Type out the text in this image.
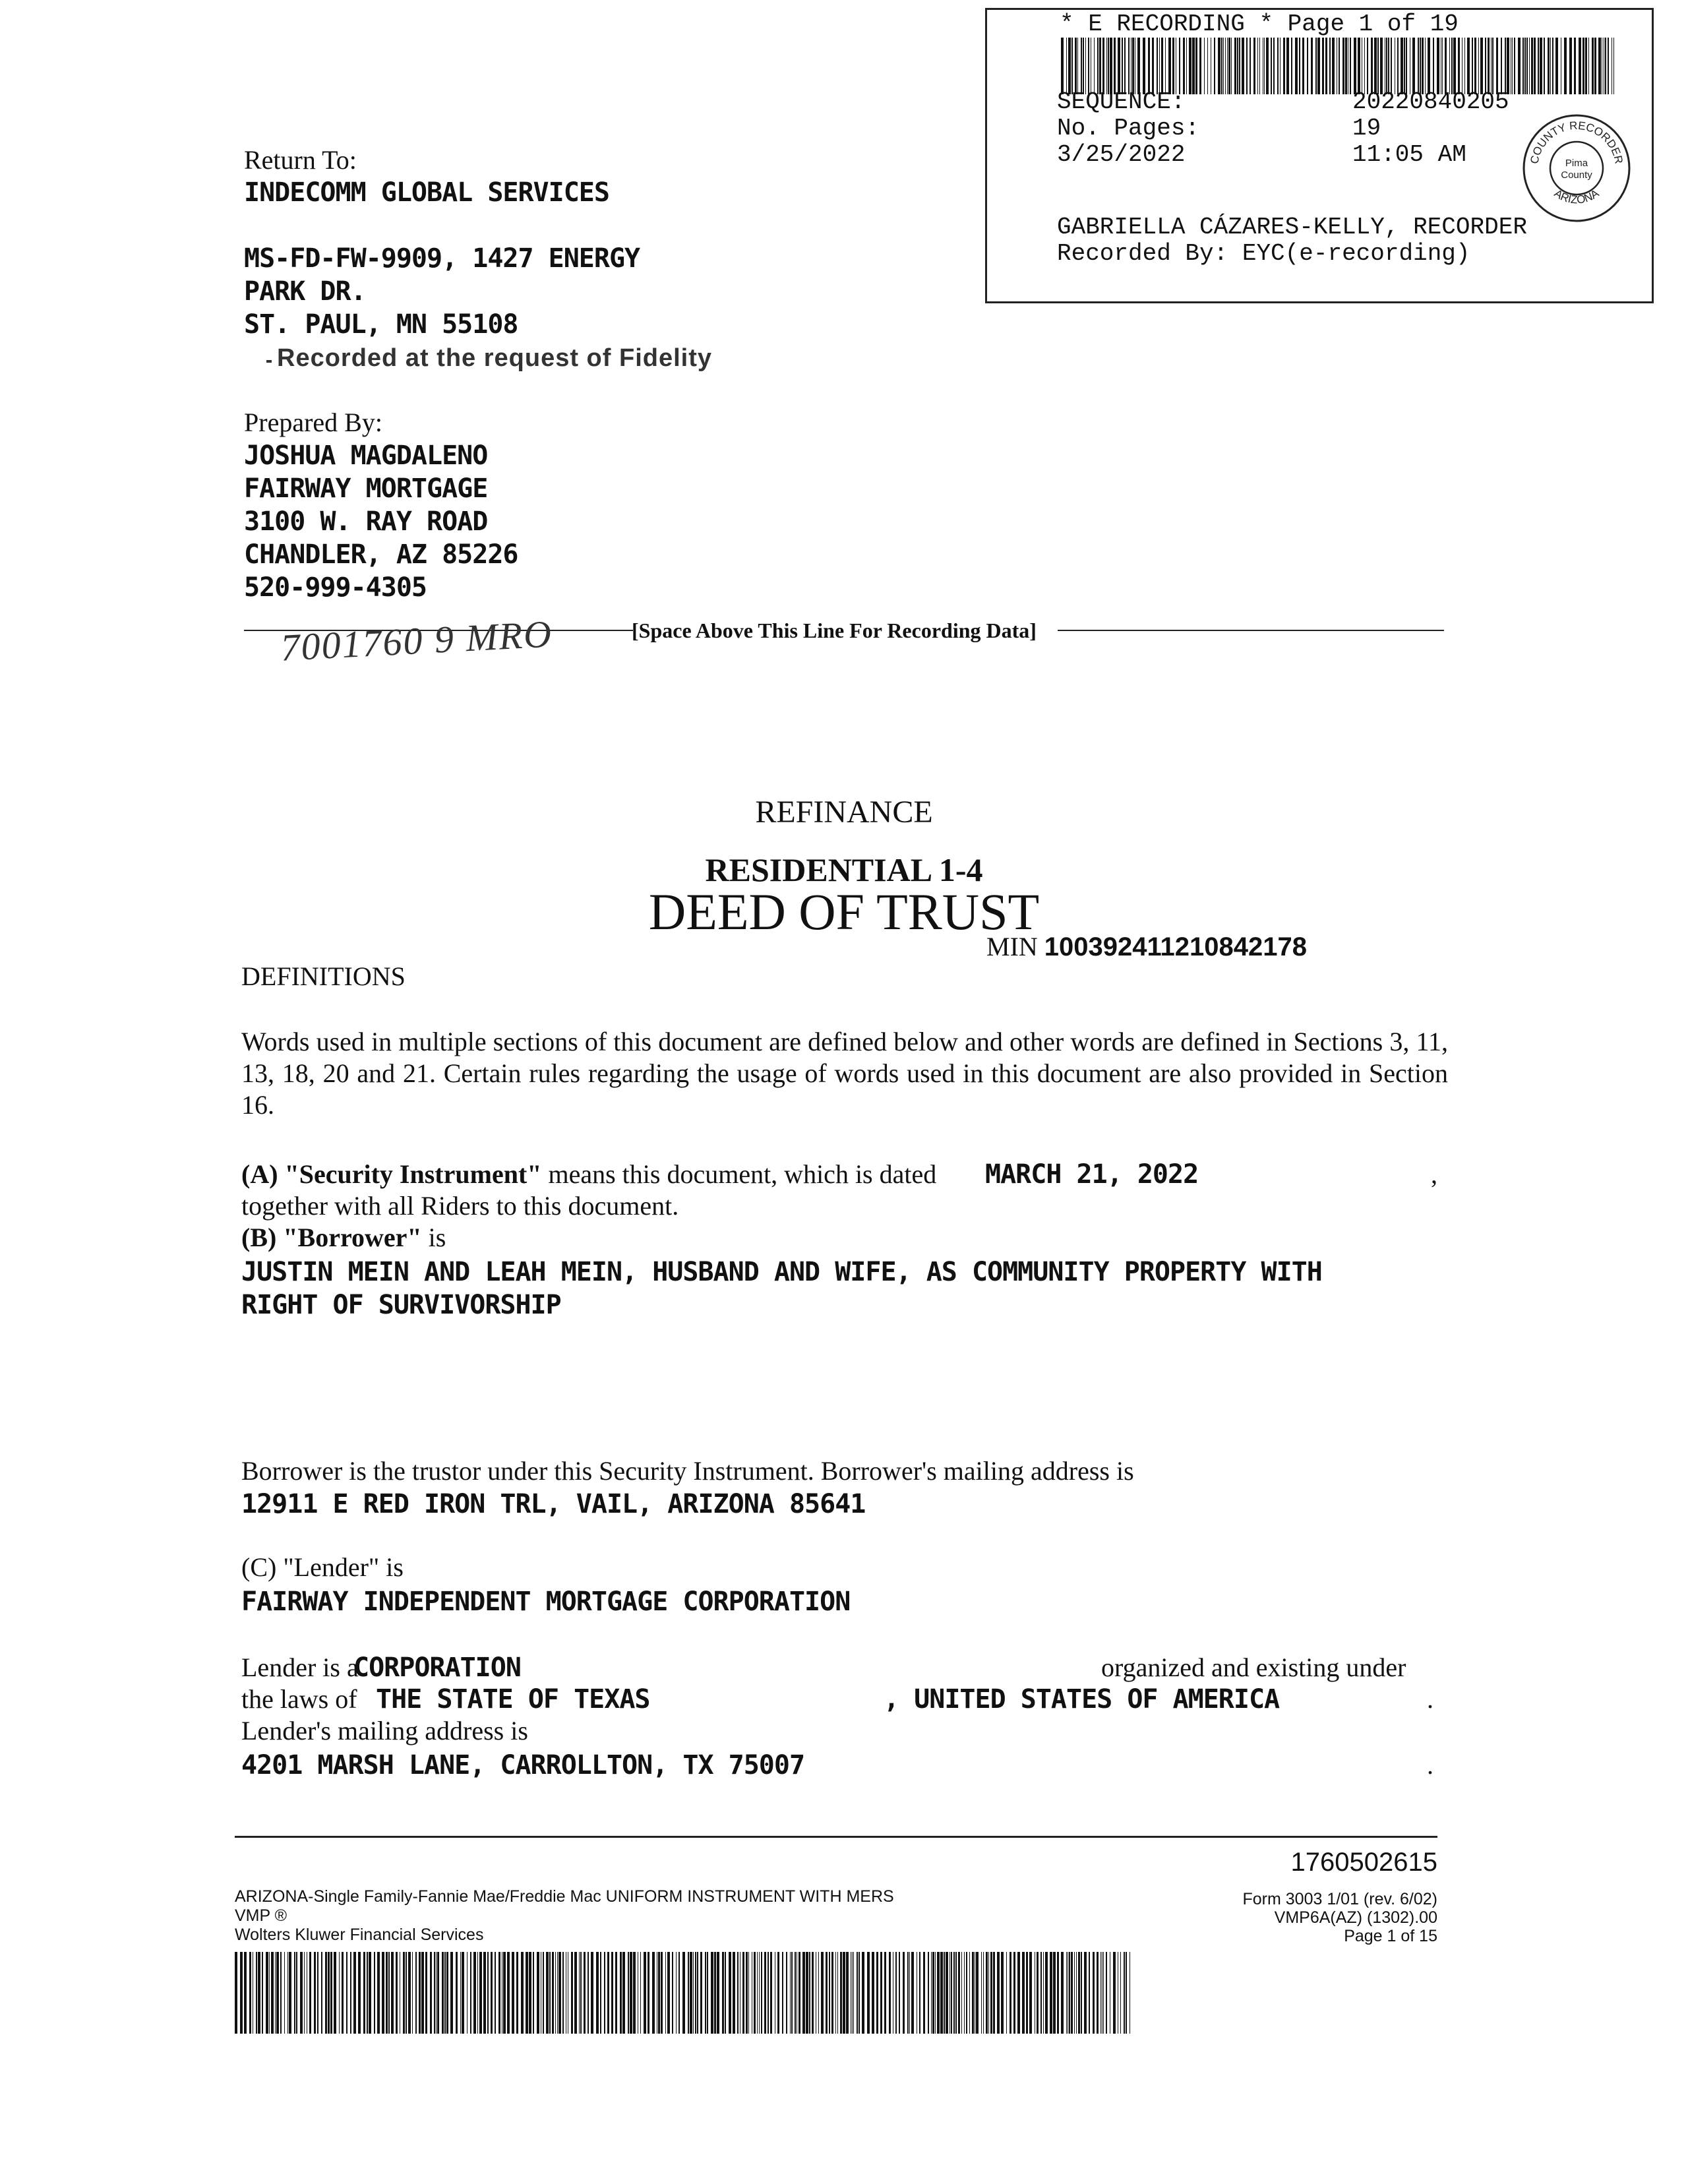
* E RECORDING * Page 1 of 19
SEQUENCE:	20220840205
No. Pages:	19
3/25/2022	11:05 AM
GABRIELLA CÁZARES-KELLY, RECORDER
Recorded By: EYC(e-recording)
COUNTY RECORDER
ARIZONA
Pima
County
Return To:
INDECOMM GLOBAL SERVICES
MS-FD-FW-9909, 1427 ENERGY
PARK DR.
ST. PAUL, MN 55108
Recorded at the request of Fidelity
Prepared By:
JOSHUA MAGDALENO
FAIRWAY MORTGAGE
3100 W. RAY ROAD
CHANDLER, AZ 85226
520-999-4305
[Space Above This Line For Recording Data]
7001760 9 MRO
REFINANCE
RESIDENTIAL 1-4
DEED OF TRUST
MIN 100392411210842178
DEFINITIONS
Words used in multiple sections of this document are defined below and other words are defined in Sections 3, 11, 13, 18, 20 and 21. Certain rules regarding the usage of words used in this document are also provided in Section 16.
(A) "Security Instrument" means this document, which is dated MARCH 21, 2022	,
together with all Riders to this document.
(B) "Borrower" is
JUSTIN MEIN AND LEAH MEIN, HUSBAND AND WIFE, AS COMMUNITY PROPERTY WITH
RIGHT OF SURVIVORSHIP
Borrower is the trustor under this Security Instrument. Borrower's mailing address is
12911 E RED IRON TRL, VAIL, ARIZONA 85641
(C) "Lender" is
FAIRWAY INDEPENDENT MORTGAGE CORPORATION
Lender is a
CORPORATION	organized and existing under
the laws of THE STATE OF TEXAS	, UNITED STATES OF AMERICA	.
Lender's mailing address is
4201 MARSH LANE, CARROLLTON, TX 75007	.
1760502615
ARIZONA-Single Family-Fannie Mae/Freddie Mac UNIFORM INSTRUMENT WITH MERS
VMP ®
Wolters Kluwer Financial Services
Form 3003 1/01 (rev. 6/02)
VMP6A(AZ) (1302).00
Page 1 of 15
